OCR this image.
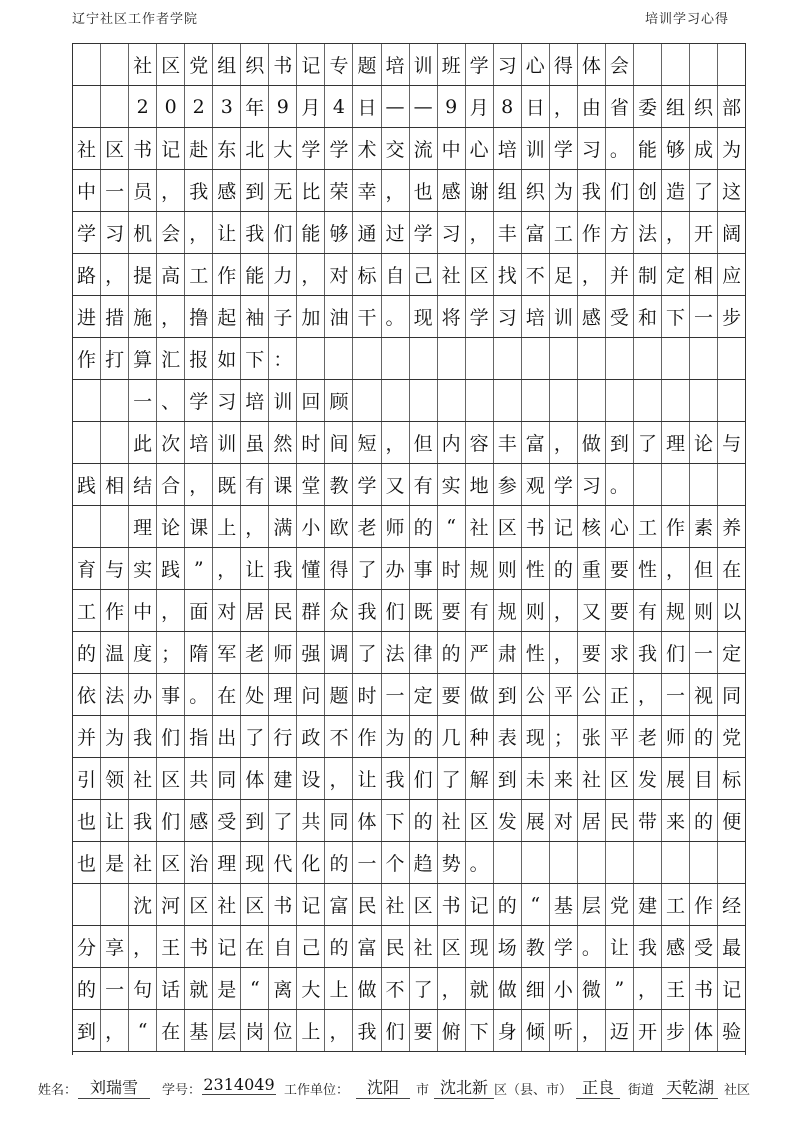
辽宁社区工作者学院	培训学习心得
社 区 党 组 织 书 记 专 题 培 训 班 学 习 心 得 体 会
2 0 2 3 年 9 月 4 日 — — 9 月 8 日 ， 由 省 委 组 织 部
社 区 书 记 赴 东 北 大 学 学 术 交 流 中 心 培 训 学 习 。 能 够 成 为
中 一 员 ， 我 感 到 无 比 荣 幸 ， 也 感 谢 组 织 为 我 们 创 造 了 这
学 习 机 会 ， 让 我 们 能 够 通 过 学 习 ， 丰 富 工 作 方 法 ， 开 阔
路 ， 提 高 工 作 能 力 ， 对 标 自 己 社 区 找 不 足 ， 并 制 定 相 应
进 措 施 ， 撸 起 袖 子 加 油 干 。 现 将 学 习 培 训 感 受 和 下 一 步
作 打 算 汇 报 如 下 ：
一 、 学 习 培 训 回 顾
此 次 培 训 虽 然 时 间 短 ， 但 内 容 丰 富 ， 做 到 了 理 论 与
践 相 结 合 ， 既 有 课 堂 教 学 又 有 实 地 参 观 学 习 。
理 论 课 上 ， 满 小 欧 老 师 的 “ 社 区 书 记 核 心 工 作 素 养
育 与 实 践 ” ， 让 我 懂 得 了 办 事 时 规 则 性 的 重 要 性 ， 但 在
工 作 中 ， 面 对 居 民 群 众 我 们 既 要 有 规 则 ， 又 要 有 规 则 以
的 温 度 ； 隋 军 老 师 强 调 了 法 律 的 严 肃 性 ， 要 求 我 们 一 定
依 法 办 事 。 在 处 理 问 题 时 一 定 要 做 到 公 平 公 正 ， 一 视 同
并 为 我 们 指 出 了 行 政 不 作 为 的 几 种 表 现 ； 张 平 老 师 的 党
引 领 社 区 共 同 体 建 设 ， 让 我 们 了 解 到 未 来 社 区 发 展 目 标
也 让 我 们 感 受 到 了 共 同 体 下 的 社 区 发 展 对 居 民 带 来 的 便
也 是 社 区 治 理 现 代 化 的 一 个 趋 势 。
沈 河 区 社 区 书 记 富 民 社 区 书 记 的 “ 基 层 党 建 工 作 经
分 享 ， 王 书 记 在 自 己 的 富 民 社 区 现 场 教 学 。 让 我 感 受 最
的 一 句 话 就 是 “ 离 大 上 做 不 了 ， 就 做 细 小 微 ” ， 王 书 记
到 ， “ 在 基 层 岗 位 上 ， 我 们 要 俯 下 身 倾 听 ， 迈 开 步 体 验
姓名： 刘瑞雪	学号： 2314049 工作单位：	沈阳	市 沈北新 区（县、市） 正良	街道 天乾湖 社区
